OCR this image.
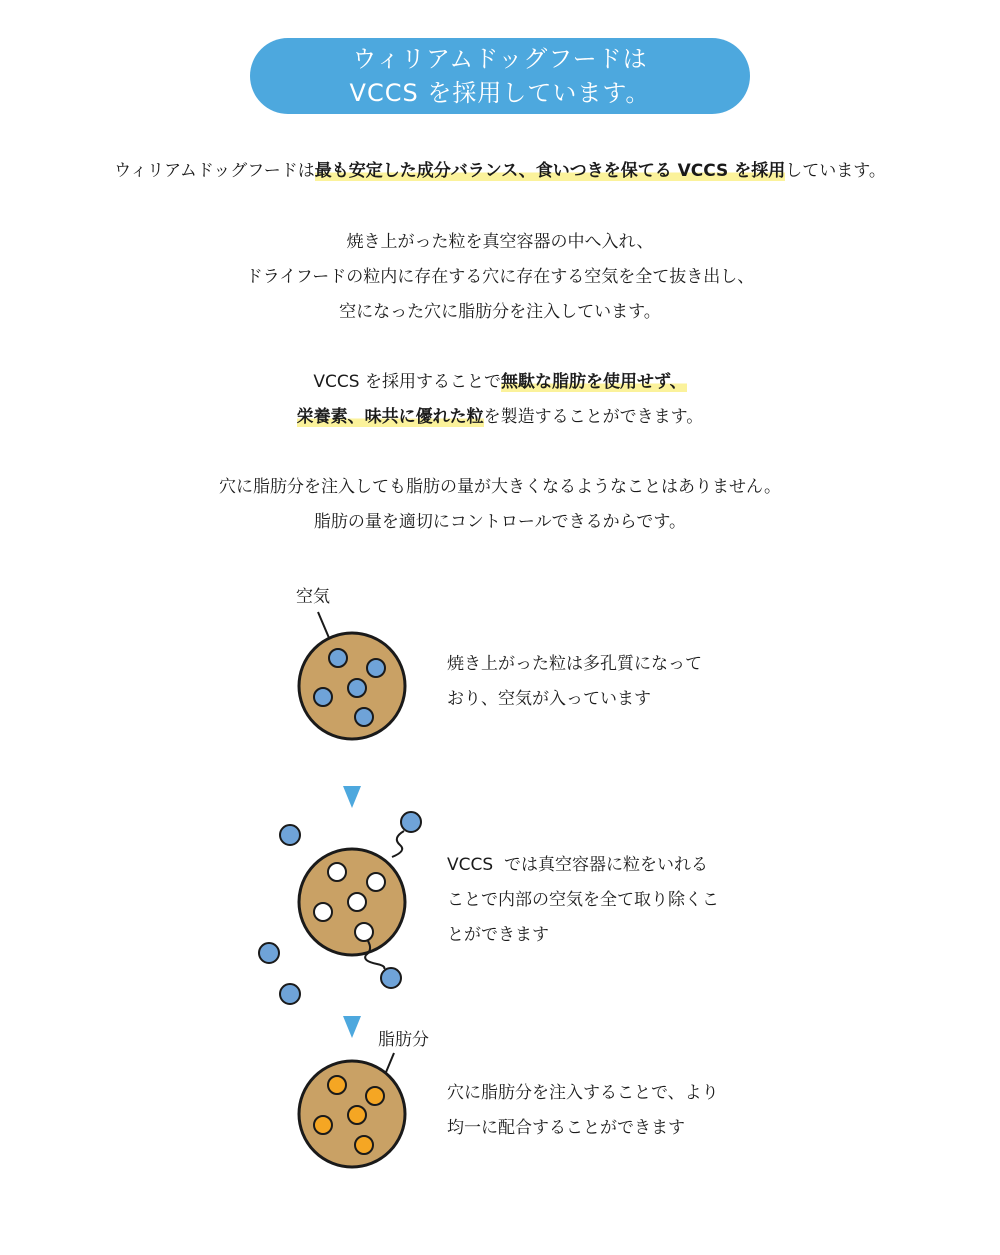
ウィリアムドッグフードは
VCCS を採用しています。
ウィリアムドッグフードは最も安定した成分バランス、食いつきを保てる VCCS を採用しています。
焼き上がった粒を真空容器の中へ入れ、
ドライフードの粒内に存在する穴に存在する空気を全て抜き出し、
空になった穴に脂肪分を注入しています。
VCCS を採用することで無駄な脂肪を使用せず、
栄養素、味共に優れた粒を製造することができます。
穴に脂肪分を注入しても脂肪の量が大きくなるようなことはありません。
脂肪の量を適切にコントロールできるからです。
空気
脂肪分
焼き上がった粒は多孔質になって
おり、空気が入っています
VCCS  では真空容器に粒をいれる
ことで内部の空気を全て取り除くこ
とができます
穴に脂肪分を注入することで、より
均一に配合することができます
